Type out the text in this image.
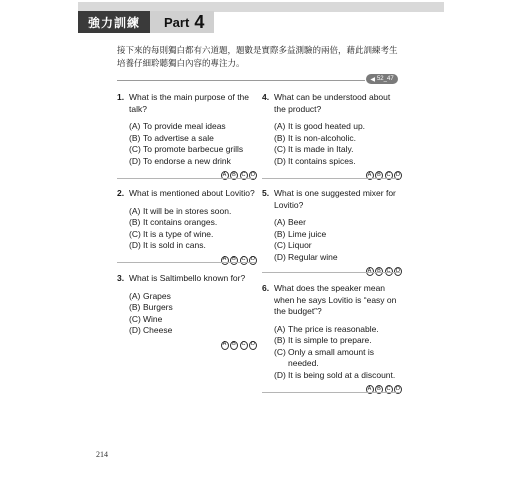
強力訓練	Part 4
接下來的每則獨白都有六道題，題數是實際多益測驗的兩倍，藉此訓練考生培養仔細聆聽獨白內容的專注力。
◀ 52_47
1. What is the main purpose of the talk?
(A) To provide meal ideas
(B) To advertise a sale
(C) To promote barbecue grills
(D) To endorse a new drink
A	B	C	D
2. What is mentioned about Lovitio?
(A) It will be in stores soon.
(B) It contains oranges.
(C) It is a type of wine.
(D) It is sold in cans.
A	B	C	D
3. What is Saltimbello known for?
(A) Grapes
(B) Burgers
(C) Wine
(D) Cheese
A	B	C	D
4. What can be understood about the product?
(A) It is good heated up.
(B) It is non-alcoholic.
(C) It is made in Italy.
(D) It contains spices.
A	B	C	D
5. What is one suggested mixer for Lovitio?
(A) Beer
(B) Lime juice
(C) Liquor
(D) Regular wine
A	B	C	D
6. What does the speaker mean when he says Lovitio is “easy on the budget”?
(A) The price is reasonable.
(B) It is simple to prepare.
(C) Only a small amount is needed.
(D) It is being sold at a discount.
A	B	C	D
214
